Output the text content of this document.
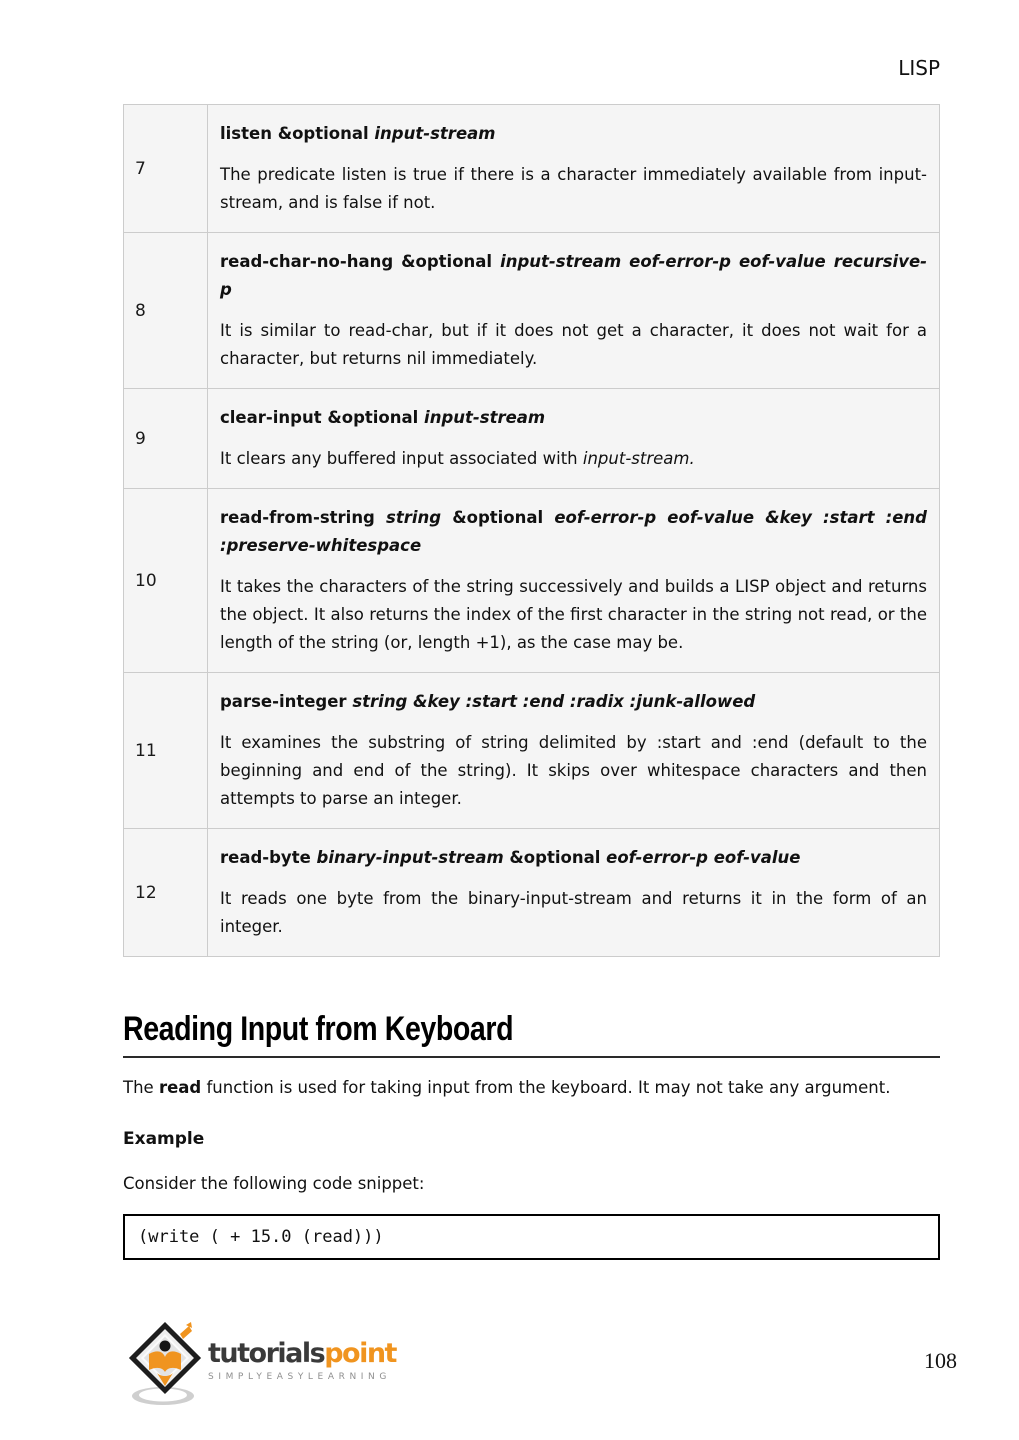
LISP
7	listen &optional input-stream

The predicate listen is true if there is a character immediately available from input-stream, and is false if not.

8	read-char-no-hang &optional input-stream eof-error-p eof-value recursive-p

It is similar to read-char, but if it does not get a character, it does not wait for a character, but returns nil immediately.

9	clear-input &optional input-stream

It clears any buffered input associated with input-stream.

10	read-from-string string &optional eof-error-p eof-value &key :start :end :preserve-whitespace

It takes the characters of the string successively and builds a LISP object and returns the object. It also returns the index of the first character in the string not read, or the length of the string (or, length +1), as the case may be.

11	parse-integer string &key :start :end :radix :junk-allowed

It examines the substring of string delimited by :start and :end (default to the beginning and end of the string). It skips over whitespace characters and then attempts to parse an integer.

12	read-byte binary-input-stream &optional eof-error-p eof-value

It reads one byte from the binary-input-stream and returns it in the form of an integer.

Reading Input from Keyboard

The read function is used for taking input from the keyboard. It may not take any argument.

Example

Consider the following code snippet:

(write ( + 15.0 (read)))
tutorialspoint
SIMPLYEASYLEARNING
108
